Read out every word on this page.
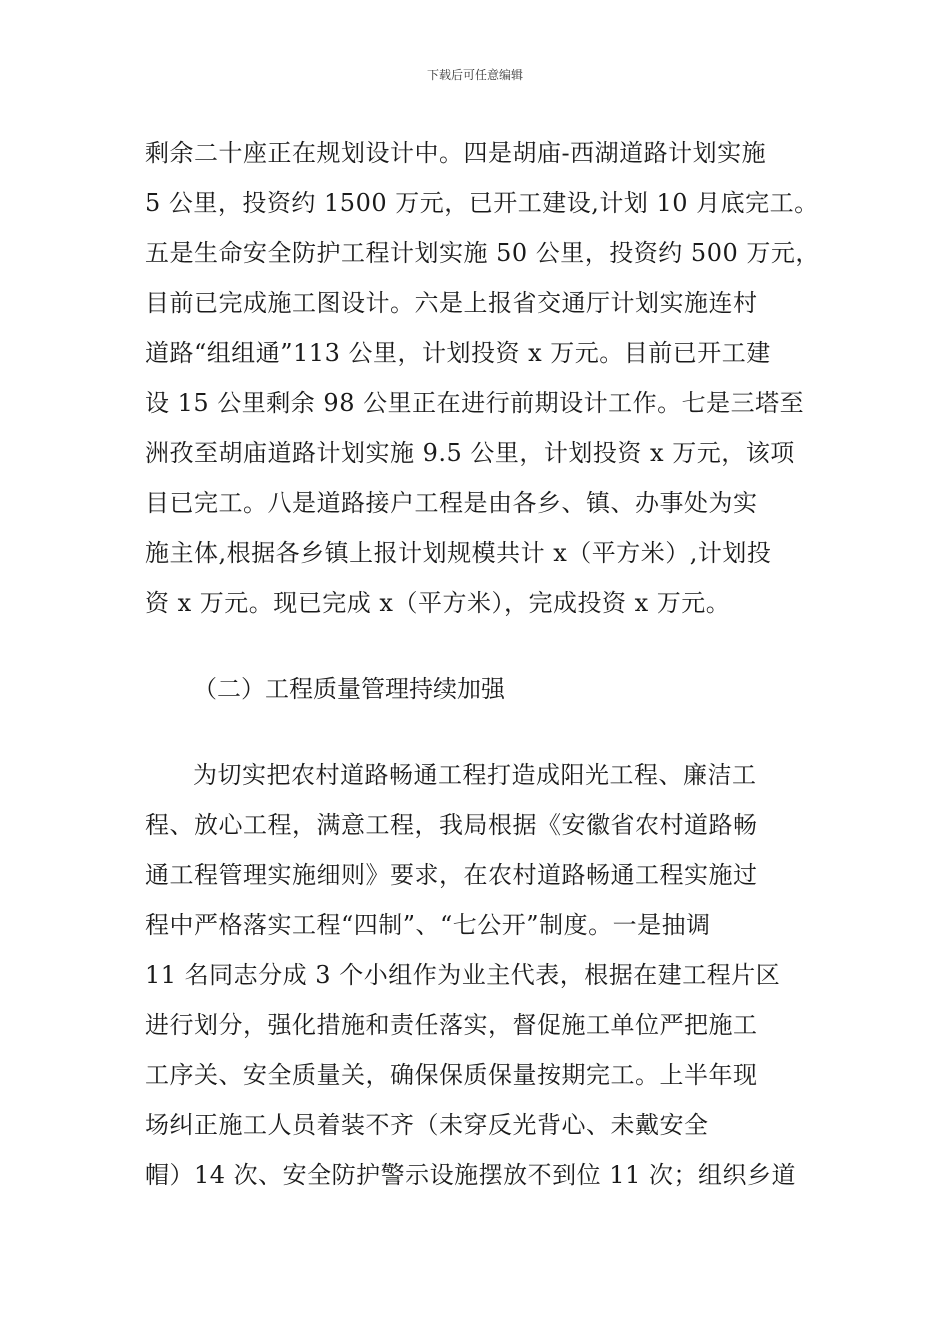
下载后可任意编辑
剩余二十座正在规划设计中。四是胡庙-西湖道路计划实施
5 公里，投资约 1500 万元，已开工建设,计划 10 月底完工。
五是生命安全防护工程计划实施 50 公里，投资约 500 万元，
目前已完成施工图设计。六是上报省交通厅计划实施连村
道路“组组通”113 公里，计划投资 x 万元。目前已开工建
设 15 公里剩余 98 公里正在进行前期设计工作。七是三塔至
洲孜至胡庙道路计划实施 9.5 公里，计划投资 x 万元，该项
目已完工。八是道路接户工程是由各乡、镇、办事处为实
施主体,根据各乡镇上报计划规模共计 x（平方米）,计划投
资 x 万元。现已完成 x（平方米），完成投资 x 万元。
（二）工程质量管理持续加强
为切实把农村道路畅通工程打造成阳光工程、廉洁工
程、放心工程，满意工程，我局根据《安徽省农村道路畅
通工程管理实施细则》要求，在农村道路畅通工程实施过
程中严格落实工程“四制”、“七公开”制度。一是抽调
11 名同志分成 3 个小组作为业主代表，根据在建工程片区
进行划分，强化措施和责任落实，督促施工单位严把施工
工序关、安全质量关，确保保质保量按期完工。上半年现
场纠正施工人员着装不齐（未穿反光背心、未戴安全
帽）14 次、安全防护警示设施摆放不到位 11 次；组织乡道
